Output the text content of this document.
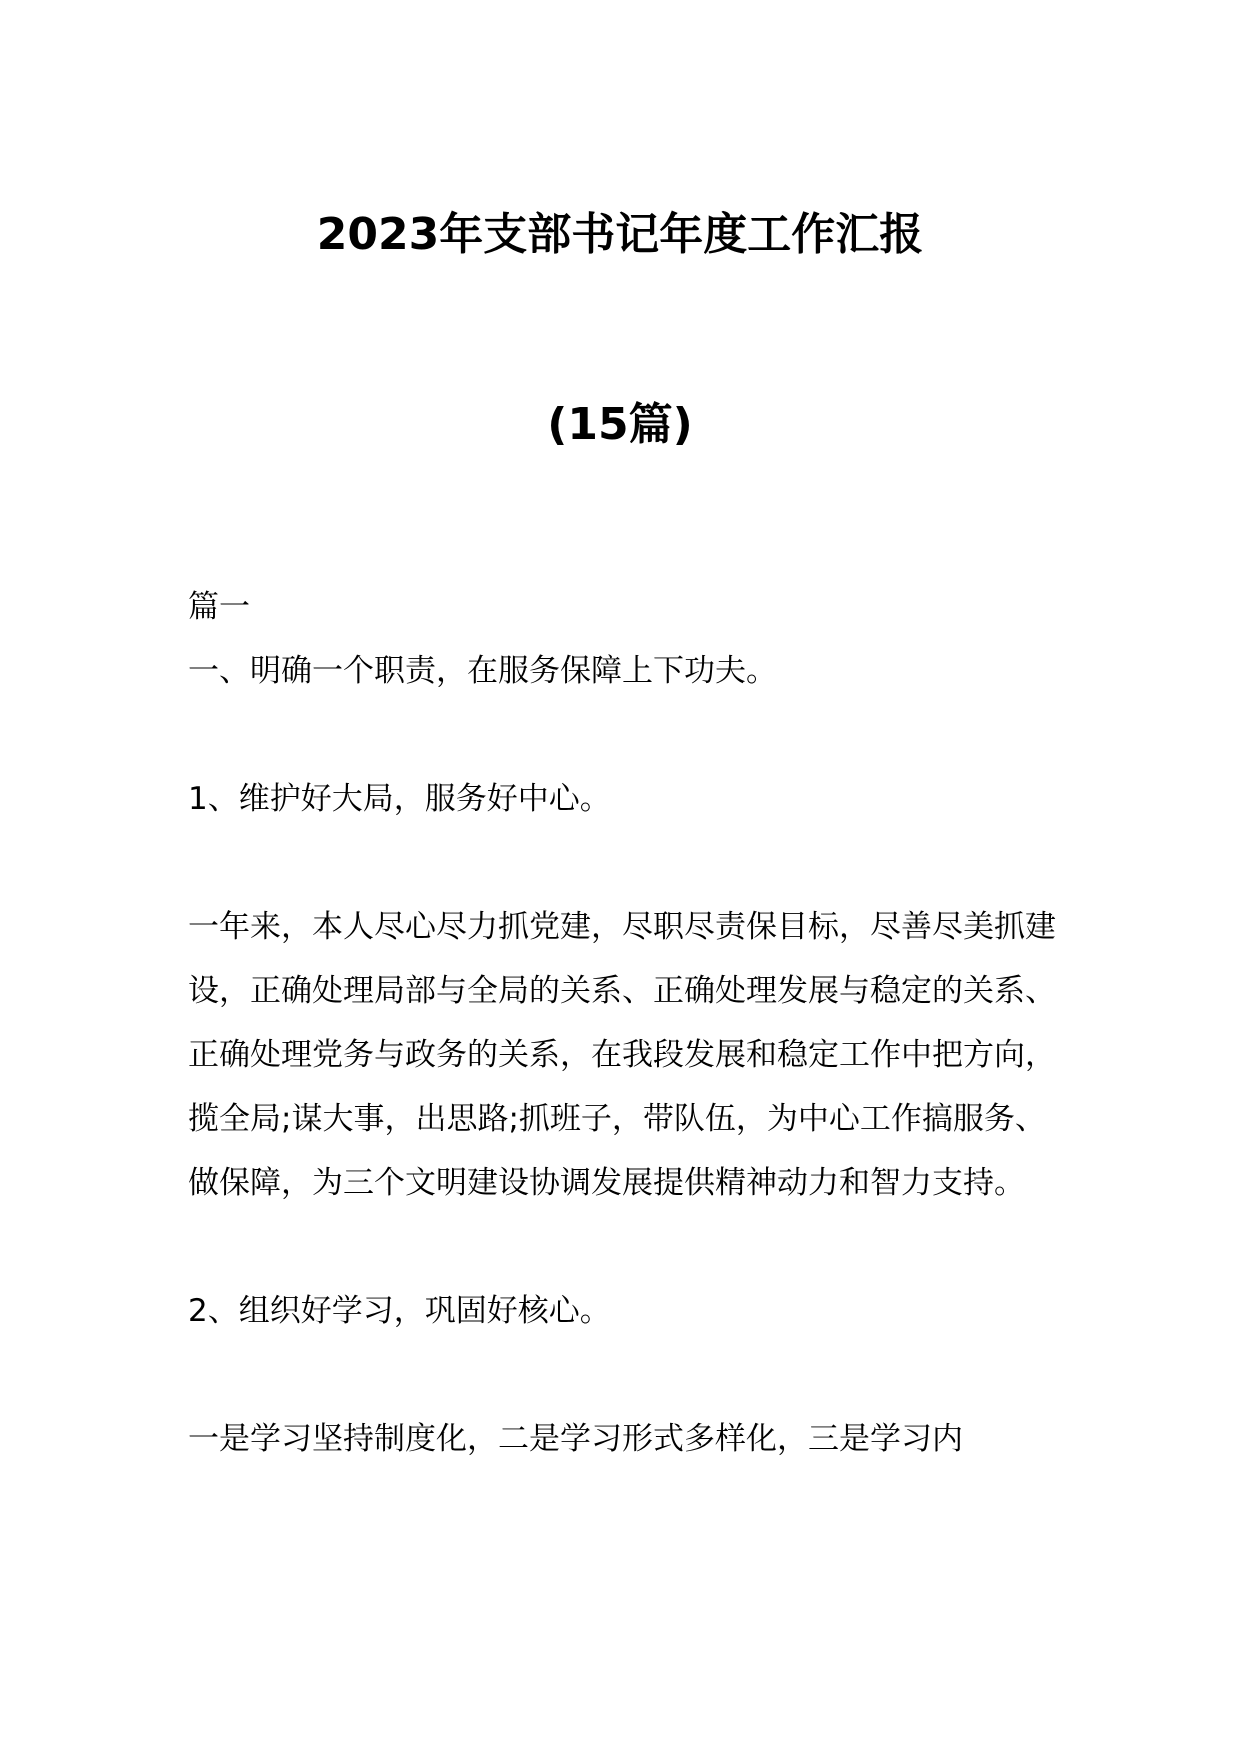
2023年支部书记年度工作汇报
(15篇)

篇一

一、明确一个职责，在服务保障上下功夫。

1、维护好大局，服务好中心。

一年来，本人尽心尽力抓党建，尽职尽责保目标，尽善尽美抓建设，正确处理局部与全局的关系、正确处理发展与稳定的关系、正确处理党务与政务的关系，在我段发展和稳定工作中把方向，揽全局;谋大事，出思路;抓班子，带队伍，为中心工作搞服务、做保障，为三个文明建设协调发展提供精神动力和智力支持。

2、组织好学习，巩固好核心。

一是学习坚持制度化，二是学习形式多样化，三是学习内
